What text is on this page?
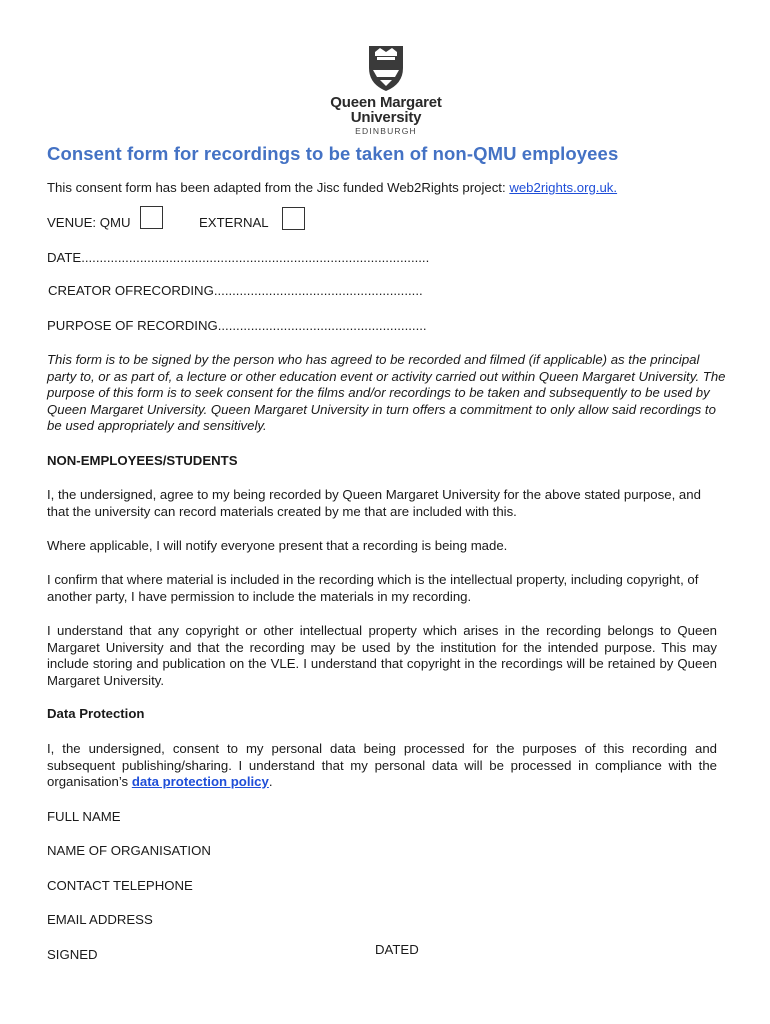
Queen Margaret
University
EDINBURGH
Consent form for recordings to be taken of non-QMU employees
This consent form has been adapted from the Jisc funded Web2Rights project: web2rights.org.uk.
VENUE: QMU	EXTERNAL
DATE...............................................................................................
CREATOR OFRECORDING.........................................................
PURPOSE OF RECORDING.........................................................
This form is to be signed by the person who has agreed to be recorded and filmed (if applicable) as the principal party to, or as part of, a lecture or other education event or activity carried out within Queen Margaret University. The purpose of this form is to seek consent for the films and/or recordings to be taken and subsequently to be used by Queen Margaret University. Queen Margaret University in turn offers a commitment to only allow said recordings to be used appropriately and sensitively.
NON-EMPLOYEES/STUDENTS
I, the undersigned, agree to my being recorded by Queen Margaret University for the above stated purpose, and that the university can record materials created by me that are included with this.
Where applicable, I will notify everyone present that a recording is being made.
I confirm that where material is included in the recording which is the intellectual property, including copyright, of another party, I have permission to include the materials in my recording.
I understand that any copyright or other intellectual property which arises in the recording belongs to Queen Margaret University and that the recording may be used by the institution for the intended purpose. This may include storing and publication on the VLE. I understand that copyright in the recordings will be retained by Queen Margaret University.
Data Protection
I, the undersigned, consent to my personal data being processed for the purposes of this recording and subsequent publishing/sharing. I understand that my personal data will be processed in compliance with the organisation’s data protection policy.
FULL NAME
NAME OF ORGANISATION
CONTACT TELEPHONE
EMAIL ADDRESS
SIGNED	DATED
